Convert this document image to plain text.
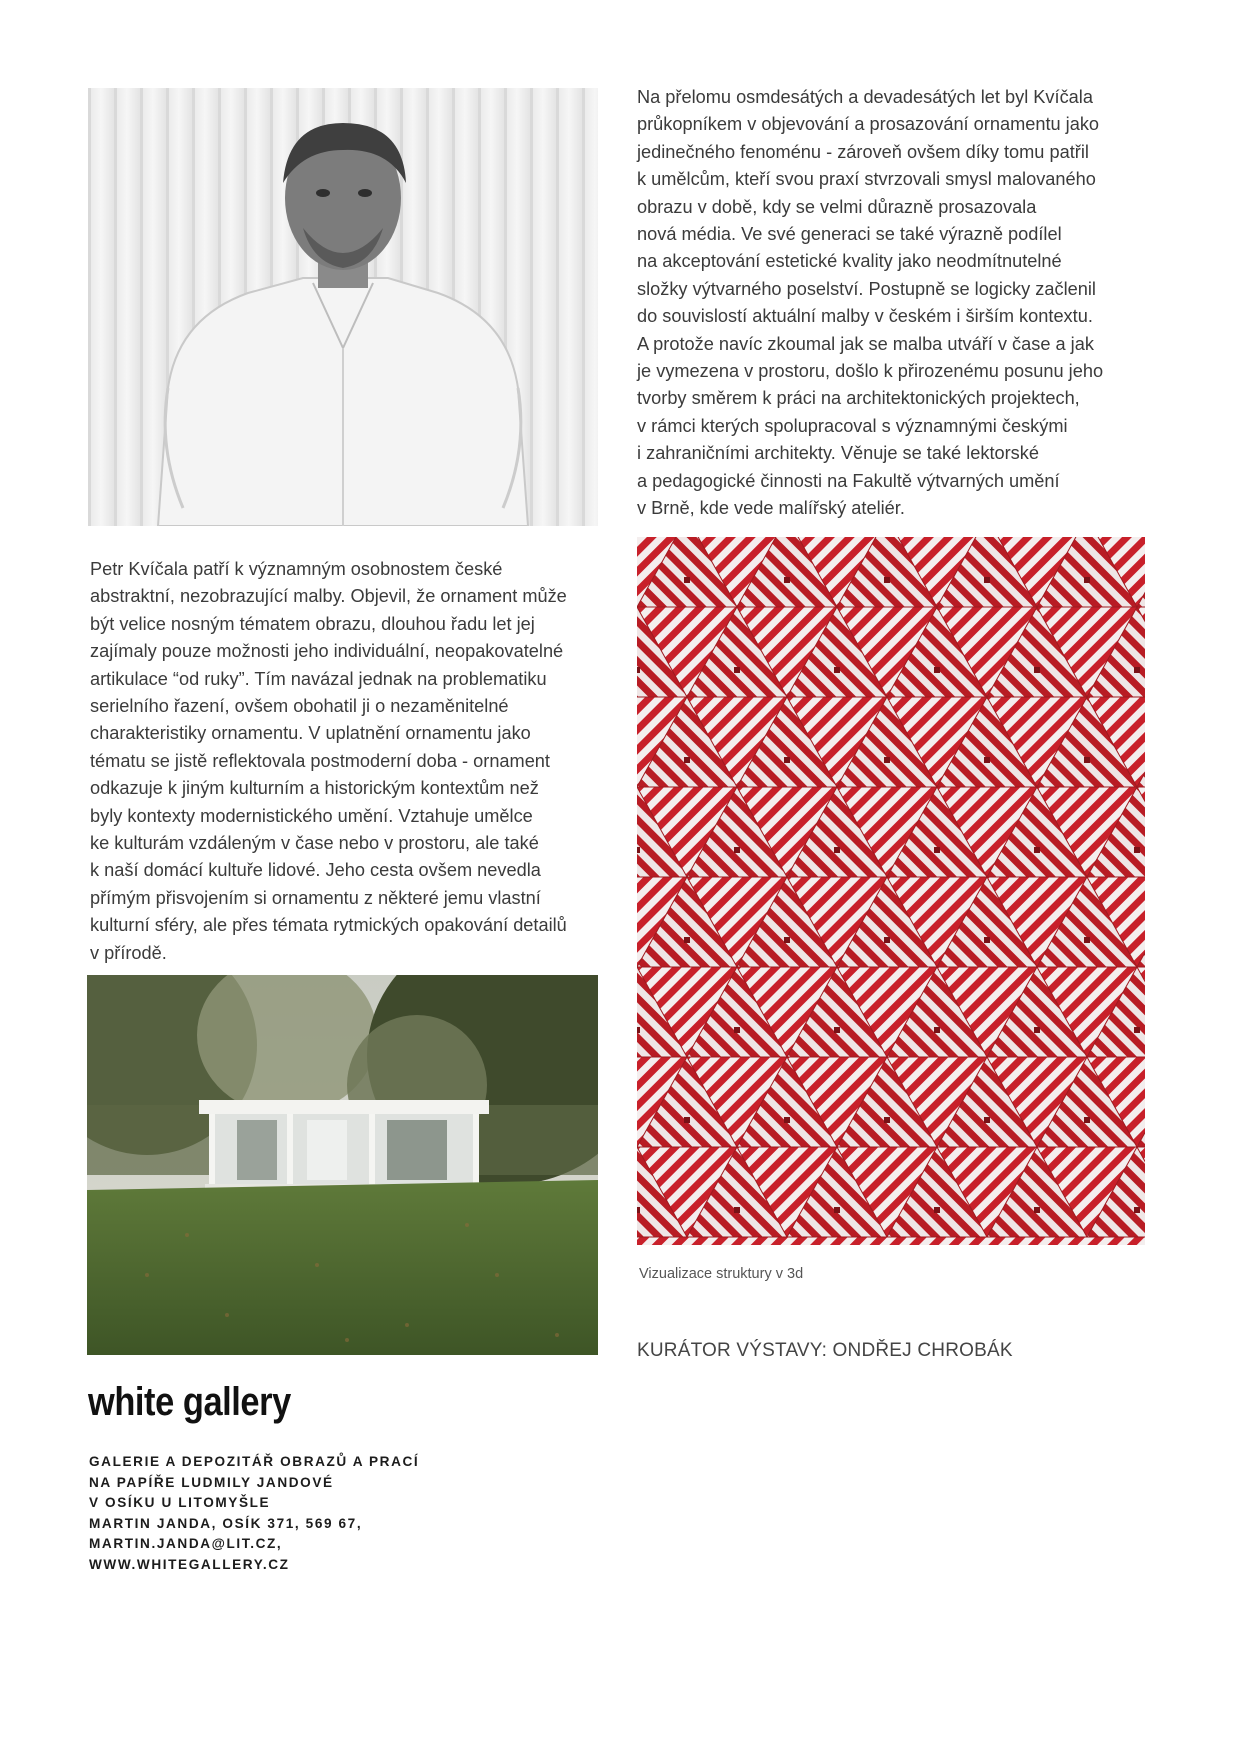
Na přelomu osmdesátých a devadesátých let byl Kvíčala
průkopníkem v objevování a prosazování ornamentu jako
jedinečného fenoménu - zároveň ovšem díky tomu patřil
k umělcům, kteří svou praxí stvrzovali smysl malovaného
obrazu v době, kdy se velmi důrazně prosazovala
nová média. Ve své generaci se také výrazně podílel
na akceptování estetické kvality jako neodmítnutelné
složky výtvarného poselství. Postupně se logicky začlenil
do souvislostí aktuální malby v českém i širším kontextu.
A protože navíc zkoumal jak se malba utváří v čase a jak
je vymezena v prostoru, došlo k přirozenému posunu jeho
tvorby směrem k práci na architektonických projektech,
v rámci kterých spolupracoval s významnými českými
i zahraničními architekty. Věnuje se také lektorské
a pedagogické činnosti na Fakultě výtvarných umění
v Brně, kde vede malířský ateliér.

Petr Kvíčala patří k významným osobnostem české
abstraktní, nezobrazující malby. Objevil, že ornament může
být velice nosným tématem obrazu, dlouhou řadu let jej
zajímaly pouze možnosti jeho individuální, neopakovatelné
artikulace “od ruky”. Tím navázal jednak na problematiku
serielního řazení, ovšem obohatil ji o nezaměnitelné
charakteristiky ornamentu. V uplatnění ornamentu jako
tématu se jistě reflektovala postmoderní doba - ornament
odkazuje k jiným kulturním a historickým kontextům než
byly kontexty modernistického umění. Vztahuje umělce
ke kulturám vzdáleným v čase nebo v prostoru, ale také
k naší domácí kultuře lidové. Jeho cesta ovšem nevedla
přímým přisvojením si ornamentu z některé jemu vlastní
kulturní sféry, ale přes témata rytmických opakování detailů
v přírodě.

Vizualizace struktury v 3d
KURÁTOR VÝSTAVY: ONDŘEJ CHROBÁK
white gallery
GALERIE A DEPOZITÁŘ OBRAZŮ A PRACÍ
NA PAPÍŘE LUDMILY JANDOVÉ
V OSÍKU U LITOMYŠLE
MARTIN JANDA, OSÍK 371, 569 67,
MARTIN.JANDA@LIT.CZ,
WWW.WHITEGALLERY.CZ
